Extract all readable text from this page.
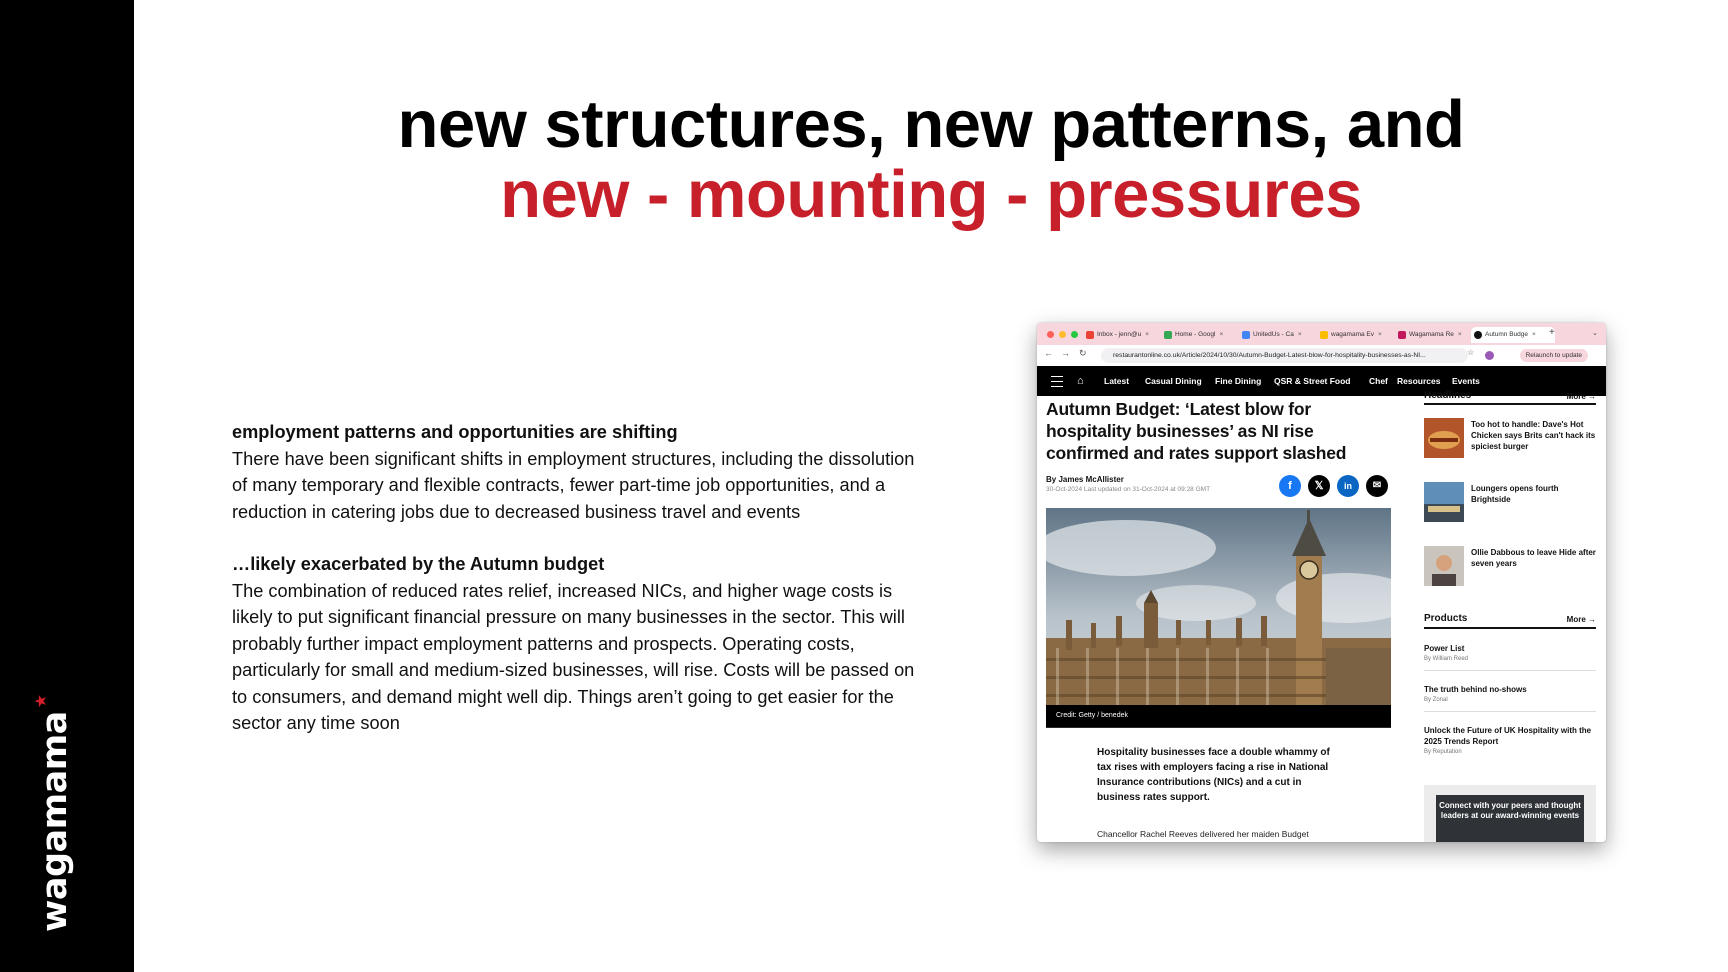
wagamama
★
new structures, new patterns, and
new - mounting - pressures

employment patterns and opportunities are shifting

There have been significant shifts in employment structures, including the dissolution of many temporary and flexible contracts, fewer part-time job opportunities, and a reduction in catering jobs due to decreased business travel and events

…likely exacerbated by the Autumn budget

The combination of reduced rates relief, increased NICs, and higher wage costs is likely to put significant financial pressure on many businesses in the sector. This will probably further impact employment patterns and prospects. Operating costs, particularly for small and medium-sized businesses, will rise. Costs will be passed on to consumers, and demand might well dip. Things aren’t going to get easier for the sector any time soon

Inbox - jenn@u ×	Home - Googl ×	UnitedUs - Ca ×	wagamama Ev ×	Wagamama Re ×	Autumn Budge ×	+	⌄
← → ↻	restaurantonline.co.uk/Article/2024/10/30/Autumn-Budget-Latest-blow-for-hospitality-businesses-as-NI...	☆	Relaunch to update
⌂ Latest Casual Dining Fine Dining QSR & Street Food Chef Resources Events
Autumn Budget: ‘Latest blow for hospitality businesses’ as NI rise confirmed and rates support slashed
By James McAllister
30-Oct-2024 Last updated on 31-Oct-2024 at 09:28 GMT	f	𝕏	in	✉
Credit: Getty / benedek
Hospitality businesses face a double whammy of tax rises with employers facing a rise in National Insurance contributions (NICs) and a cut in business rates support.
Chancellor Rachel Reeves delivered her maiden Budget
Headlines	More →
Too hot to handle: Dave's Hot Chicken says Brits can't hack its spiciest burger
Loungers opens fourth Brightside
Ollie Dabbous to leave Hide after seven years
Products	More →
Power List
By William Reed
The truth behind no-shows
By Zonal
Unlock the Future of UK Hospitality with the 2025 Trends Report
By Reputation
Connect with your peers and thought leaders at our award-winning events
